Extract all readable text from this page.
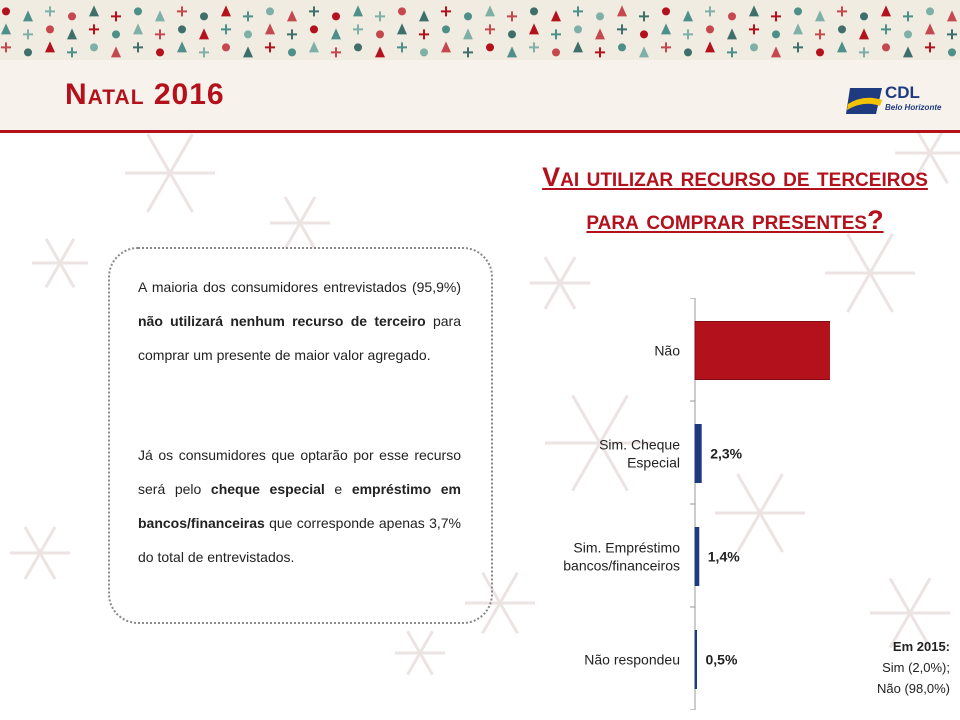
Natal 2016	CDL
Belo Horizonte

A maioria dos consumidores entrevistados (95,9%) não utilizará nenhum recurso de terceiro para comprar um presente de maior valor agregado.

Já os consumidores que optarão por esse recurso será pelo cheque especial e empréstimo em bancos/financeiras que corresponde apenas 3,7% do total de entrevistados.

Vai utilizar recurso de terceiros para comprar presentes?
Não
2,3%
Sim. Cheque
Especial
1,4%
Sim. Empréstimo
bancos/financeiros
0,5%
Não respondeu
Em 2015:
Sim (2,0%);
Não (98,0%)
